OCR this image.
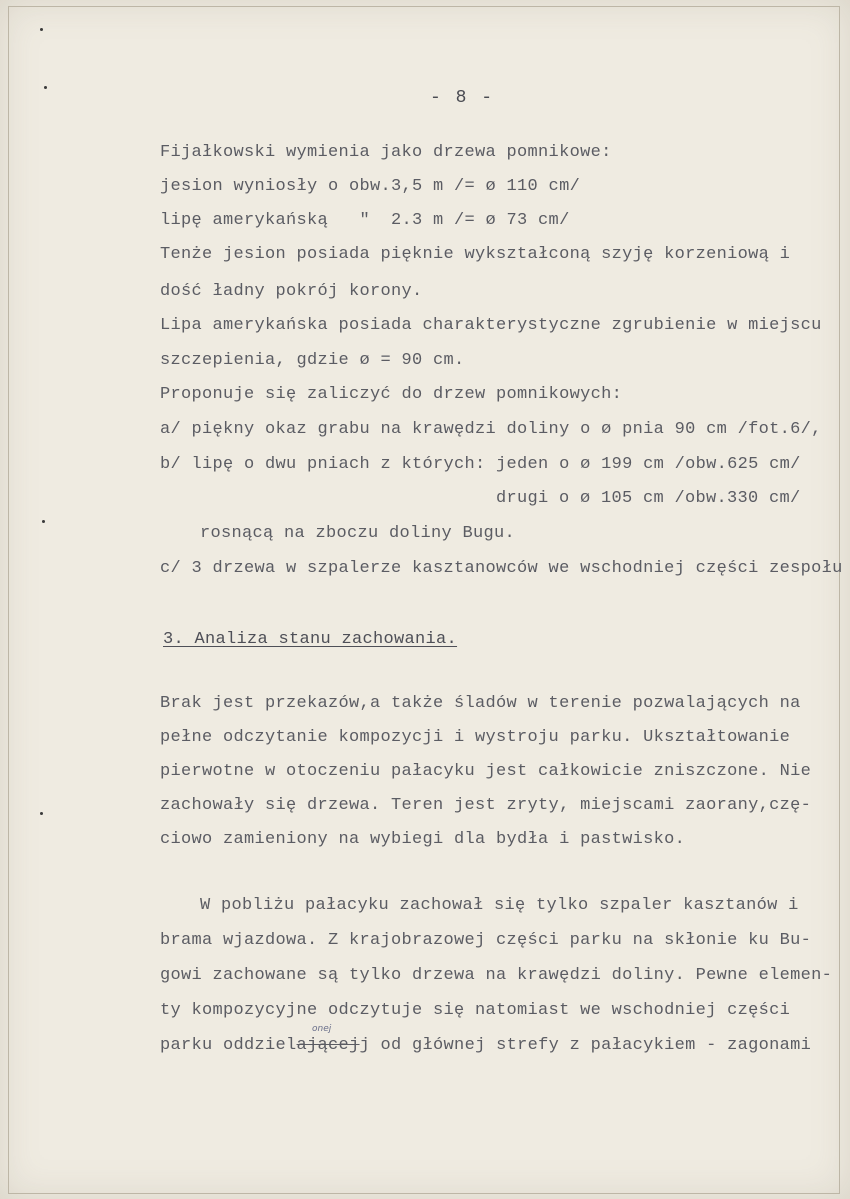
- 8 -
Fijałkowski wymienia jako drzewa pomnikowe:
jesion wyniosły o obw.3,5 m /= ø 110 cm/
lipę amerykańską   "  2.3 m /= ø 73 cm/
Tenże jesion posiada pięknie wykształconą szyję korzeniową i
dość ładny pokrój korony.
Lipa amerykańska posiada charakterystyczne zgrubienie w miejscu
szczepienia, gdzie ø = 90 cm.
Proponuje się zaliczyć do drzew pomnikowych:
a/ piękny okaz grabu na krawędzi doliny o ø pnia 90 cm /fot.6/,
b/ lipę o dwu pniach z których: jeden o ø 199 cm /obw.625 cm/
drugi o ø 105 cm /obw.330 cm/
rosnącą na zboczu doliny Bugu.
c/ 3 drzewa w szpalerze kasztanowców we wschodniej części zespołu
3. Analiza stanu zachowania.
Brak jest przekazów,a także śladów w terenie pozwalających na
pełne odczytanie kompozycji i wystroju parku. Ukształtowanie
pierwotne w otoczeniu pałacyku jest całkowicie zniszczone. Nie
zachowały się drzewa. Teren jest zryty, miejscami zaorany,czę-
ciowo zamieniony na wybiegi dla bydła i pastwisko.
W pobliżu pałacyku zachował się tylko szpaler kasztanów i
brama wjazdowa. Z krajobrazowej części parku na skłonie ku Bu-
gowi zachowane są tylko drzewa na krawędzi doliny. Pewne elemen-
ty kompozycyjne odczytuje się natomiast we wschodniej części
parku oddzielającejj od głównej strefy z pałacykiem - zagonami
onej
